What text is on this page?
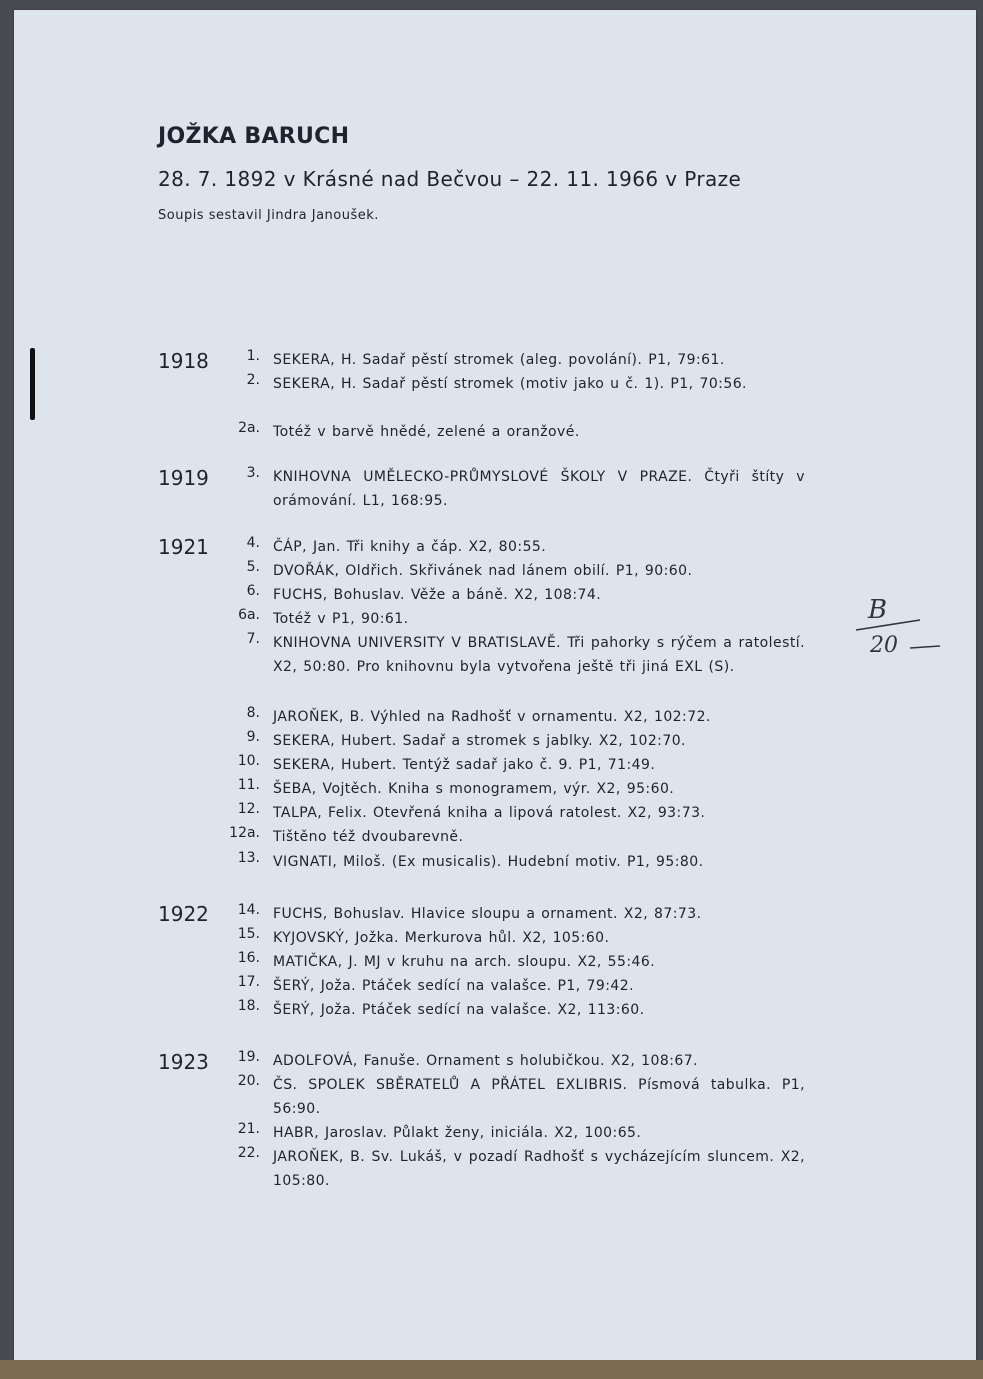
JOŽKA BARUCH
28. 7. 1892 v Krásné nad Bečvou – 22. 11. 1966 v Praze
Soupis sestavil Jindra Janoušek.
1918
1919
1921
1922
1923
1. SEKERA, H. Sadař pěstí stromek (aleg. povolání). P1, 79:61.
2. SEKERA, H. Sadař pěstí stromek (motiv jako u č. 1). P1, 70:56.
2a. Totéž v barvě hnědé, zelené a oranžové.
3. KNIHOVNA UMĚLECKO-PRŮMYSLOVÉ ŠKOLY V PRAZE. Čtyři štíty v orámování. L1, 168:95.
4. ČÁP, Jan. Tři knihy a čáp. X2, 80:55.
5. DVOŘÁK, Oldřich. Skřivánek nad lánem obilí. P1, 90:60.
6. FUCHS, Bohuslav. Věže a báně. X2, 108:74.
6a. Totéž v P1, 90:61.
7. KNIHOVNA UNIVERSITY V BRATISLAVĚ. Tři pahorky s rýčem a ratolestí. X2, 50:80. Pro knihovnu byla vytvořena ještě tři jiná EXL (S).
8. JAROŇEK, B. Výhled na Radhošť v ornamentu. X2, 102:72.
9. SEKERA, Hubert. Sadař a stromek s jablky. X2, 102:70.
10. SEKERA, Hubert. Tentýž sadař jako č. 9. P1, 71:49.
11. ŠEBA, Vojtěch. Kniha s monogramem, výr. X2, 95:60.
12. TALPA, Felix. Otevřená kniha a lipová ratolest. X2, 93:73.
12a. Tištěno též dvoubarevně.
13. VIGNATI, Miloš. (Ex musicalis). Hudební motiv. P1, 95:80.
14. FUCHS, Bohuslav. Hlavice sloupu a ornament. X2, 87:73.
15. KYJOVSKÝ, Jožka. Merkurova hůl. X2, 105:60.
16. MATIČKA, J. MJ v kruhu na arch. sloupu. X2, 55:46.
17. ŠERÝ, Joža. Ptáček sedící na valašce. P1, 79:42.
18. ŠERÝ, Joža. Ptáček sedící na valašce. X2, 113:60.
19. ADOLFOVÁ, Fanuše. Ornament s holubičkou. X2, 108:67.
20. ČS. SPOLEK SBĚRATELŮ A PŘÁTEL EXLIBRIS. Písmová tabulka. P1, 56:90.
21. HABR, Jaroslav. Půlakt ženy, iniciála. X2, 100:65.
22. JAROŇEK, B. Sv. Lukáš, v pozadí Radhošť s vycházejícím sluncem. X2, 105:80.
B
20
